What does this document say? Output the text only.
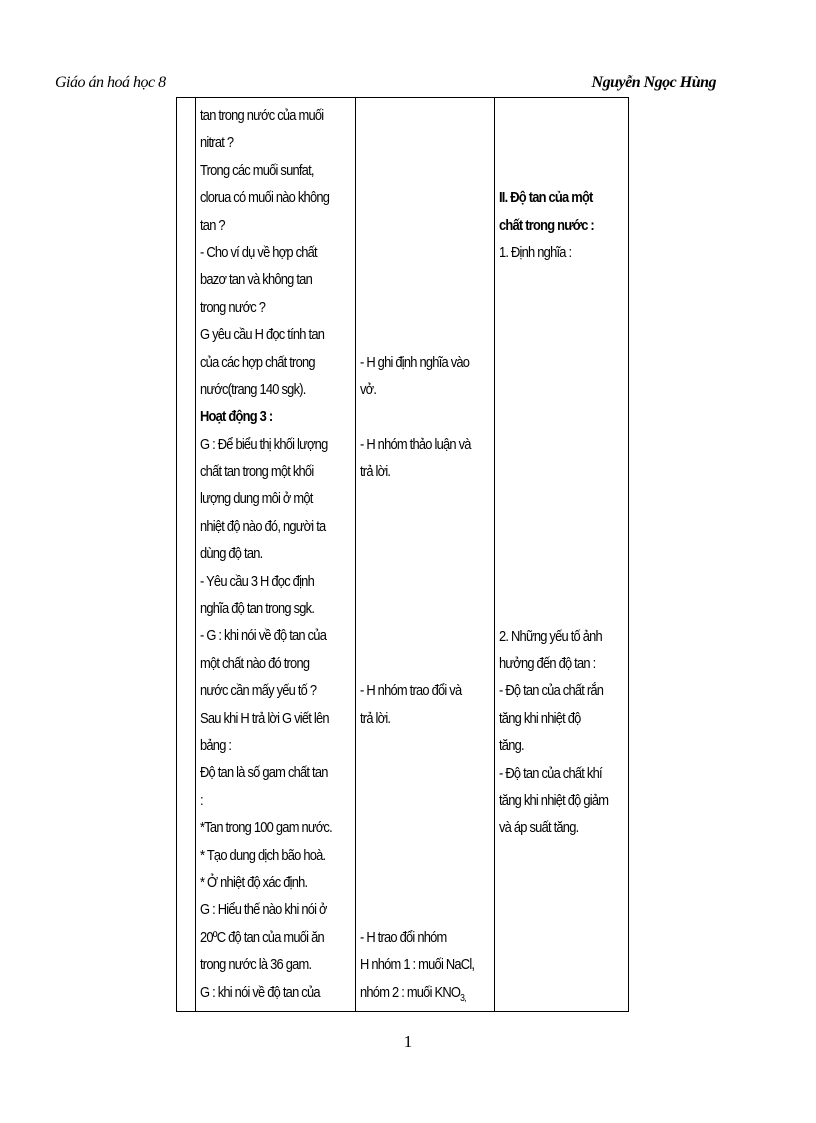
Giáo án hoá học 8	Nguyễn Ngọc Hùng
tan trong nước của muối
nitrat ?
Trong các muối sunfat,
clorua có muối nào không
tan ?
- Cho ví dụ về hợp chất
bazơ tan và không tan
trong nước ?
G yêu cầu H đọc tính tan
của các hợp chất trong
nước(trang 140 sgk).
Hoạt động 3 :
G : Để biểu thị khối lượng
chất tan trong một khối
lượng dung môi ở một
nhiệt độ nào đó, người ta
dùng độ tan.
- Yêu cầu 3 H đọc định
nghĩa độ tan trong sgk.
- G : khi nói về độ tan của
một chất nào đó trong
nước cần mấy yếu tố ?
Sau khi H trả lời G viết lên
bảng :
Độ tan là số gam chất tan
:
*Tan trong 100 gam nước.
* Tạo dung dịch bão hoà.
* Ở nhiệt độ xác định.
G : Hiểu thế nào khi nói ở
20ºC độ tan của muối ăn
trong nước là 36 gam.
G : khi nói về độ tan của
- H ghi định nghĩa vào
vở.
- H nhóm thảo luận và
trả lời.
- H nhóm trao đổi và
trả lời.
- H trao đổi nhóm
H nhóm 1 : muối NaCl,
nhóm 2 : muối $KNO_{3,}$
II. Độ tan của một
chất trong nước :
1. Định nghĩa :
2. Những yếu tố ảnh
hưởng đến độ tan :
- Độ tan của chất rắn
tăng khi nhiệt độ
tăng.
- Độ tan của chất khí
tăng khi nhiệt độ giảm
và áp suất tăng.
1
